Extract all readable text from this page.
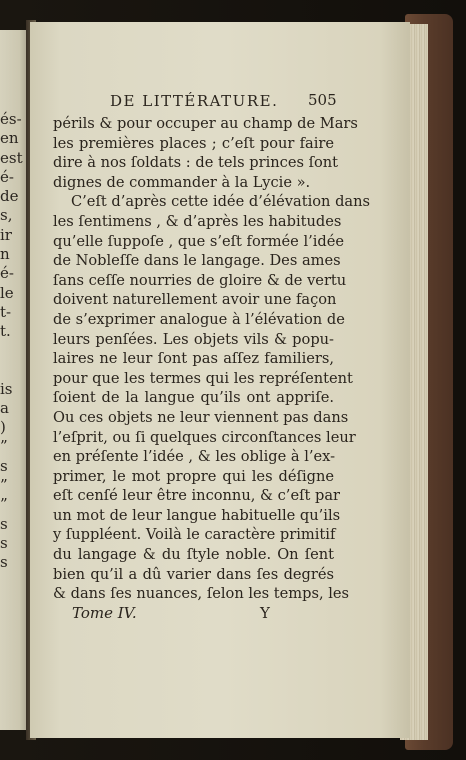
és-
en
est
é-
de
s,
ir
n
é-
le
t-
t.
is
a
)
”
s
”
”
s
s
s
DE LITTÉRATURE. 505
périls & pour occuper au champ de Mars
les premières places ; c’eſt pour faire
dire à nos ſoldats : de tels princes ſont
dignes de commander à la Lycie ».
C’eſt d’après cette idée d’élévation dans
les ſentimens , & d’après les habitudes
qu’elle ſuppoſe , que s’eſt formée l’idée
de Nobleſſe dans le langage. Des ames
ſans ceſſe nourries de gloire & de vertu
doivent naturellement avoir une façon
de s’exprimer analogue à l’élévation de
leurs penſées. Les objets vils & popu-
laires ne leur ſont pas aſſez familiers,
pour que les termes qui les repréſentent
ſoient de la langue qu’ils ont appriſe.
Ou ces objets ne leur viennent pas dans
l’eſprit, ou ſi quelques circonſtances leur
en préſente l’idée , & les oblige à l’ex-
primer, le mot propre qui les déſigne
eſt cenſé leur être inconnu, & c’eſt par
un mot de leur langue habituelle qu’ils
y ſuppléent. Voilà le caractère primitif
du langage & du ſtyle noble. On ſent
bien qu’il a dû varier dans ſes degrés
& dans ſes nuances, ſelon les temps, les
Tome IV.	Y
